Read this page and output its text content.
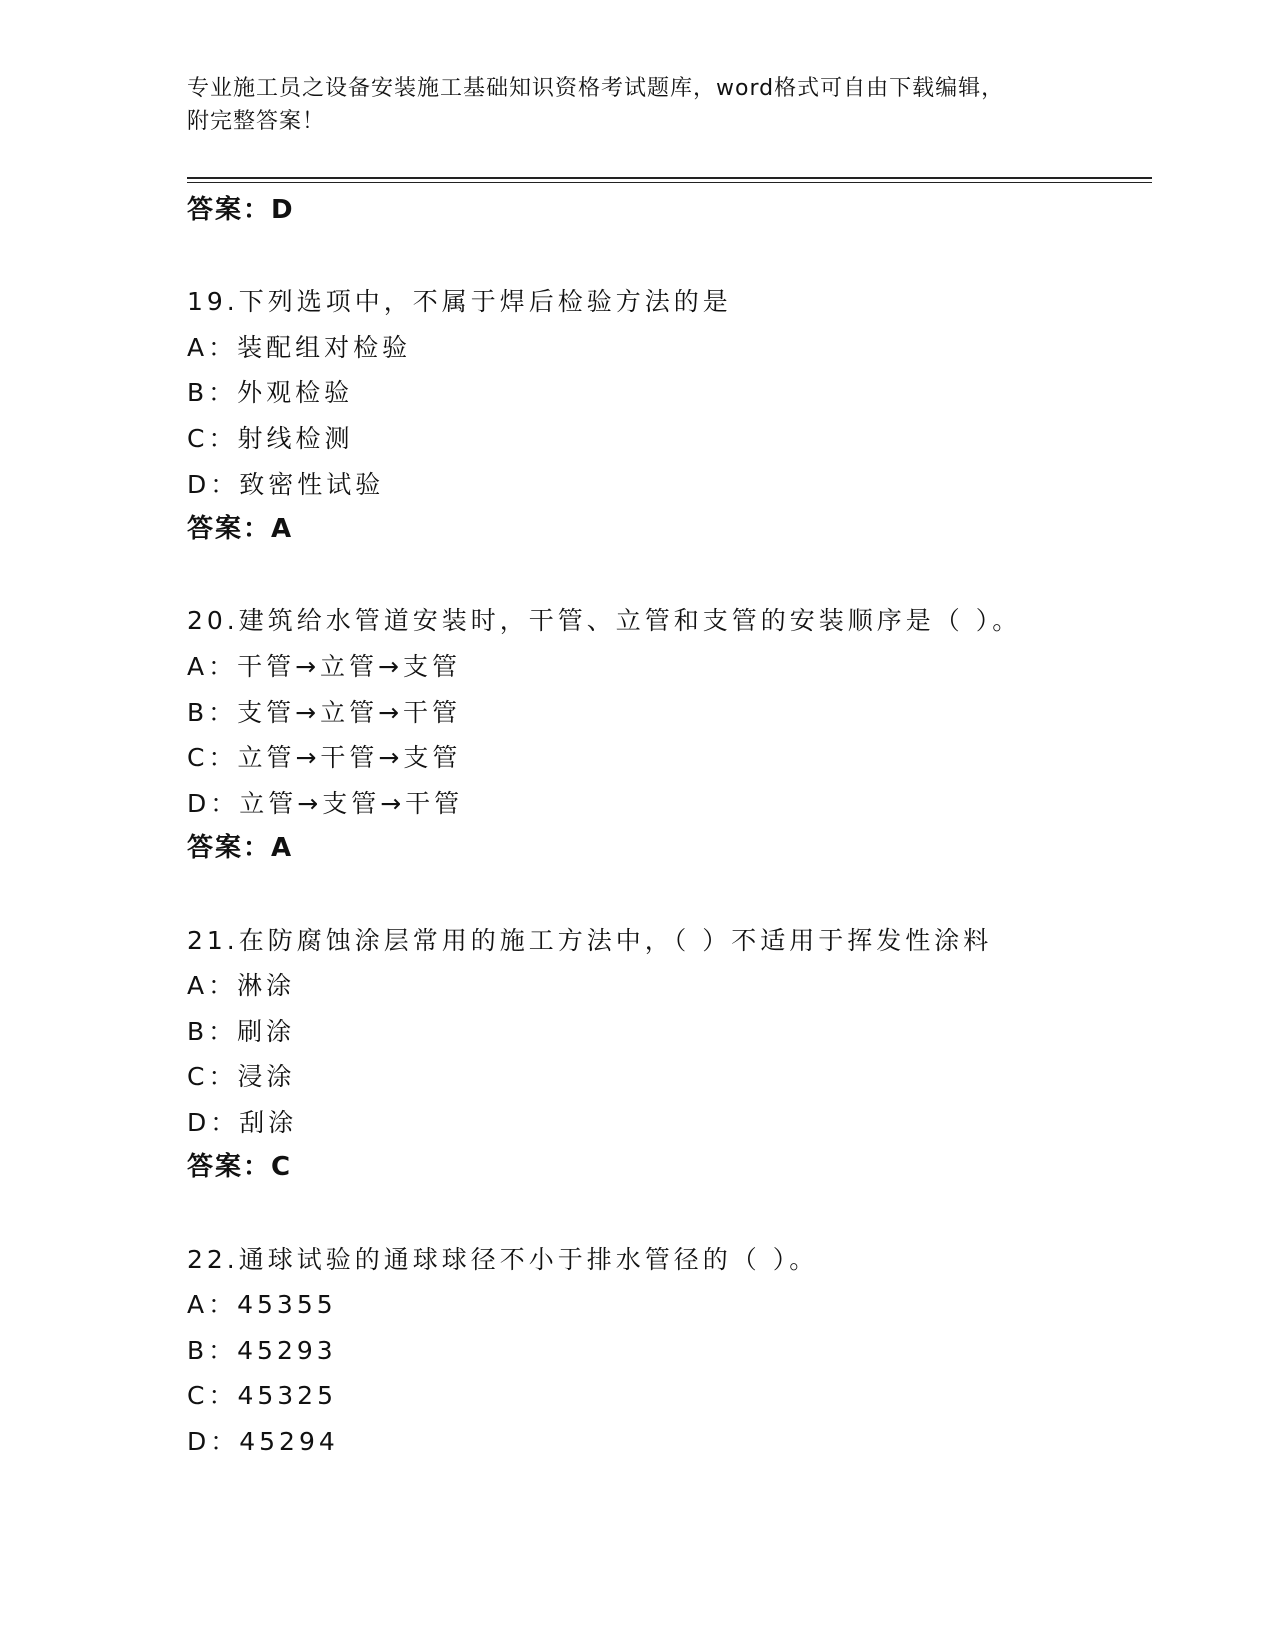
专业施工员之设备安装施工基础知识资格考试题库，word格式可自由下载编辑，
附完整答案！
答案：D
19.下列选项中，不属于焊后检验方法的是
A：装配组对检验
B：外观检验
C：射线检测
D：致密性试验
答案：A
20.建筑给水管道安装时，干管、立管和支管的安装顺序是（ ）。
A：干管→立管→支管
B：支管→立管→干管
C：立管→干管→支管
D：立管→支管→干管
答案：A
21.在防腐蚀涂层常用的施工方法中，（ ）不适用于挥发性涂料
A：淋涂
B：刷涂
C：浸涂
D：刮涂
答案：C
22.通球试验的通球球径不小于排水管径的（ ）。
A：45355
B：45293
C：45325
D：45294
